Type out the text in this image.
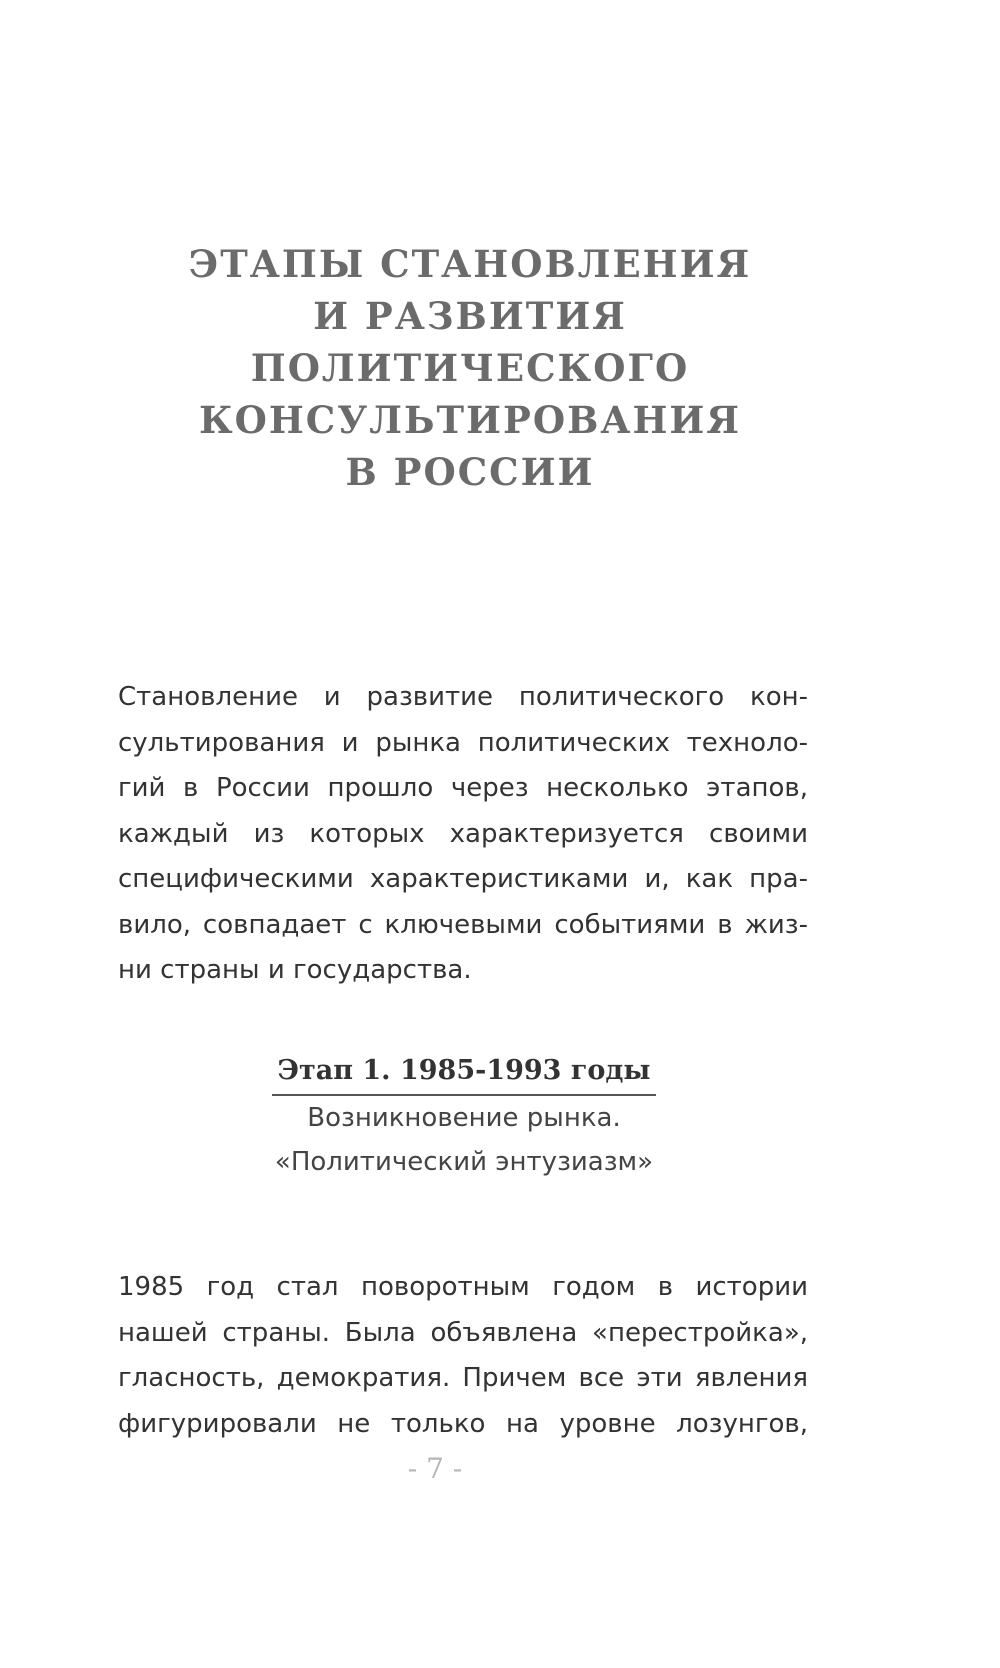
ЭТАПЫ СТАНОВЛЕНИЯ
И РАЗВИТИЯ
ПОЛИТИЧЕСКОГО
КОНСУЛЬТИРОВАНИЯ
В РОССИИ

Становление и развитие политического кон-
сультирования и рынка политических техноло-
гий в России прошло через несколько этапов,
каждый из которых характеризуется своими
специфическими характеристиками и, как пра-
вило, совпадает с ключевыми событиями в жиз-
ни страны и государства.

Этап 1. 1985-1993 годы
Возникновение рынка.
«Политический энтузиазм»

1985 год стал поворотным годом в истории
нашей страны. Была объявлена «перестройка»,
гласность, демократия. Причем все эти явления
фигурировали не только на уровне лозунгов,

- 7 -
